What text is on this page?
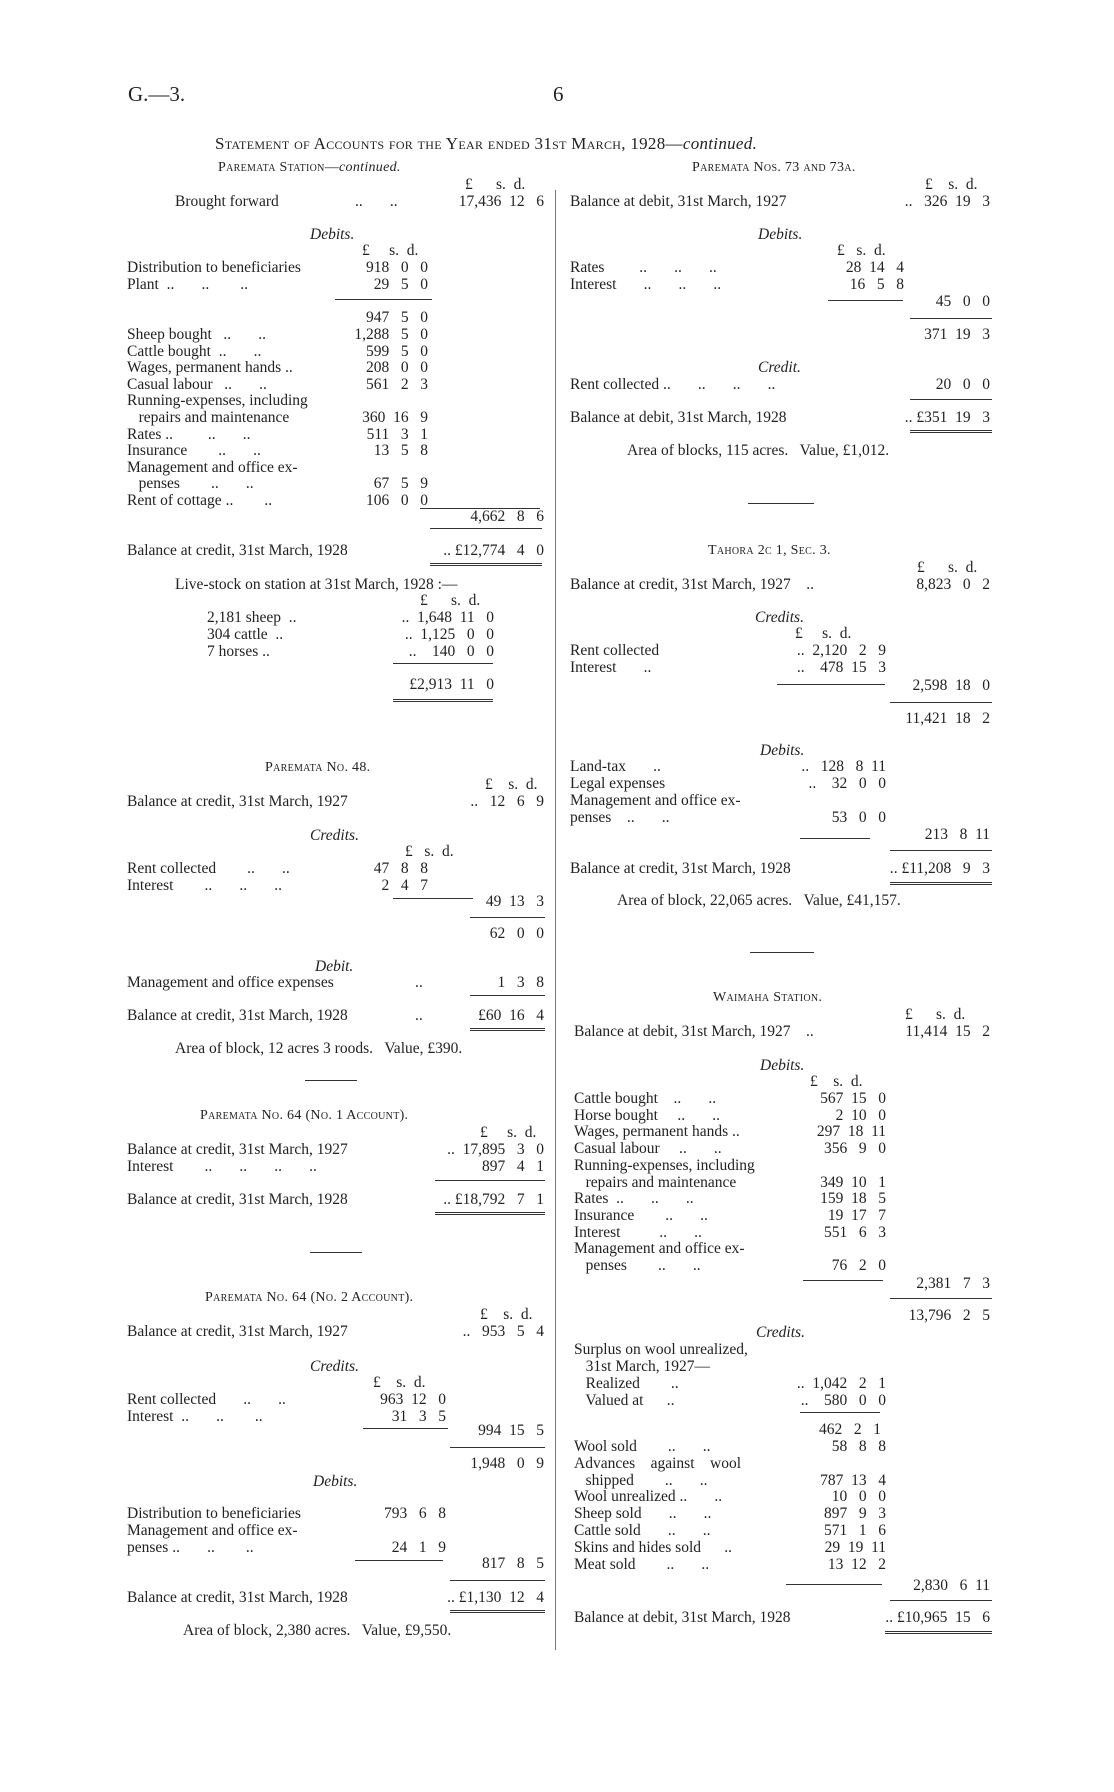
G.—3.	6
Statement of Accounts for the Year ended 31st March, 1928—continued.
Paremata Station—continued.
£      s.  d.
Brought forward	..       ..	17,436  12   6
Debits.
£     s.  d.
Distribution to beneficiaries	918   0   0
Plant  ..       ..        ..	29   5   0
947   5   0
Sheep bought   ..       ..	1,288   5   0
Cattle bought  ..       ..	599   5   0
Wages, permanent hands ..	208   0   0
Casual labour   ..       ..	561   2   3
Running-expenses, including
repairs and maintenance	360  16   9
Rates ..         ..       ..	511   3   1
Insurance        ..       ..	13   5   8
Management and office ex-
penses        ..       ..	67   5   9
Rent of cottage ..        ..	106   0   0
4,662   8   6
Balance at credit, 31st March, 1928	.. £12,774   4   0
Live-stock on station at 31st March, 1928 :—
£      s.  d.
2,181 sheep  ..	..  1,648  11   0
304 cattle  ..	..  1,125   0   0
7 horses ..	..    140   0   0
£2,913  11   0
Paremata No. 48.
£    s.  d.
Balance at credit, 31st March, 1927	..   12   6   9
Credits.
£   s.  d.
Rent collected        ..       ..	47   8   8
Interest        ..       ..       ..	2   4   7
49  13   3
62   0   0
Debit.
Management and office expenses	..	1   3   8
Balance at credit, 31st March, 1928	..	£60  16   4
Area of block, 12 acres 3 roods.   Value, £390.
Paremata No. 64 (No. 1 Account).
£     s.  d.
Balance at credit, 31st March, 1927	..  17,895   3   0
Interest        ..       ..       ..       ..	897   4   1
Balance at credit, 31st March, 1928	.. £18,792   7   1
Paremata No. 64 (No. 2 Account).
£    s.  d.
Balance at credit, 31st March, 1927	..   953   5   4
Credits.
£    s.  d.
Rent collected       ..       ..	963  12   0
Interest  ..       ..        ..	31   3   5
994  15   5
1,948   0   9
Debits.
Distribution to beneficiaries	793   6   8
Management and office ex-
penses ..       ..        ..	24   1   9
817   8   5
Balance at credit, 31st March, 1928	.. £1,130  12   4
Area of block, 2,380 acres.   Value, £9,550.
Paremata Nos. 73 and 73a.
£    s.  d.
Balance at debit, 31st March, 1927	..   326  19   3
Debits.
£   s.  d.
Rates         ..       ..       ..	28  14   4
Interest       ..       ..       ..	16   5   8
45   0   0
371  19   3
Credit.
Rent collected ..       ..       ..       ..	20   0   0
Balance at debit, 31st March, 1928	.. £351  19   3
Area of blocks, 115 acres.   Value, £1,012.
Tahora 2c 1, Sec. 3.
£      s.  d.
Balance at credit, 31st March, 1927    ..	8,823   0   2
Credits.
£     s.  d.
Rent collected	..  2,120   2   9
Interest       ..	..    478  15   3
2,598  18   0
11,421  18   2
Debits.
Land-tax       ..	..   128   8  11
Legal expenses	..    32   0   0
Management and office ex-
penses    ..       ..	53   0   0
213   8  11
Balance at credit, 31st March, 1928	.. £11,208   9   3
Area of block, 22,065 acres.   Value, £41,157.
Waimaha Station.
£      s.  d.
Balance at debit, 31st March, 1927    ..	11,414  15   2
Debits.
£    s.  d.
Cattle bought    ..       ..	567  15   0
Horse bought     ..       ..	2  10   0
Wages, permanent hands ..	297  18  11
Casual labour     ..       ..	356   9   0
Running-expenses, including
repairs and maintenance	349  10   1
Rates  ..       ..       ..	159  18   5
Insurance        ..       ..	19  17   7
Interest          ..       ..	551   6   3
Management and office ex-
penses        ..       ..	76   2   0
2,381   7   3
13,796   2   5
Credits.
Surplus on wool unrealized,
31st March, 1927—
Realized        ..	..  1,042   2   1
Valued at      ..	..    580   0   0
462   2   1
Wool sold        ..       ..	58   8   8
Advances    against    wool
shipped        ..       ..	787  13   4
Wool unrealized ..       ..	10   0   0
Sheep sold       ..       ..	897   9   3
Cattle sold       ..       ..	571   1   6
Skins and hides sold      ..	29  19  11
Meat sold        ..       ..	13  12   2
2,830   6  11
Balance at debit, 31st March, 1928	.. £10,965  15   6
